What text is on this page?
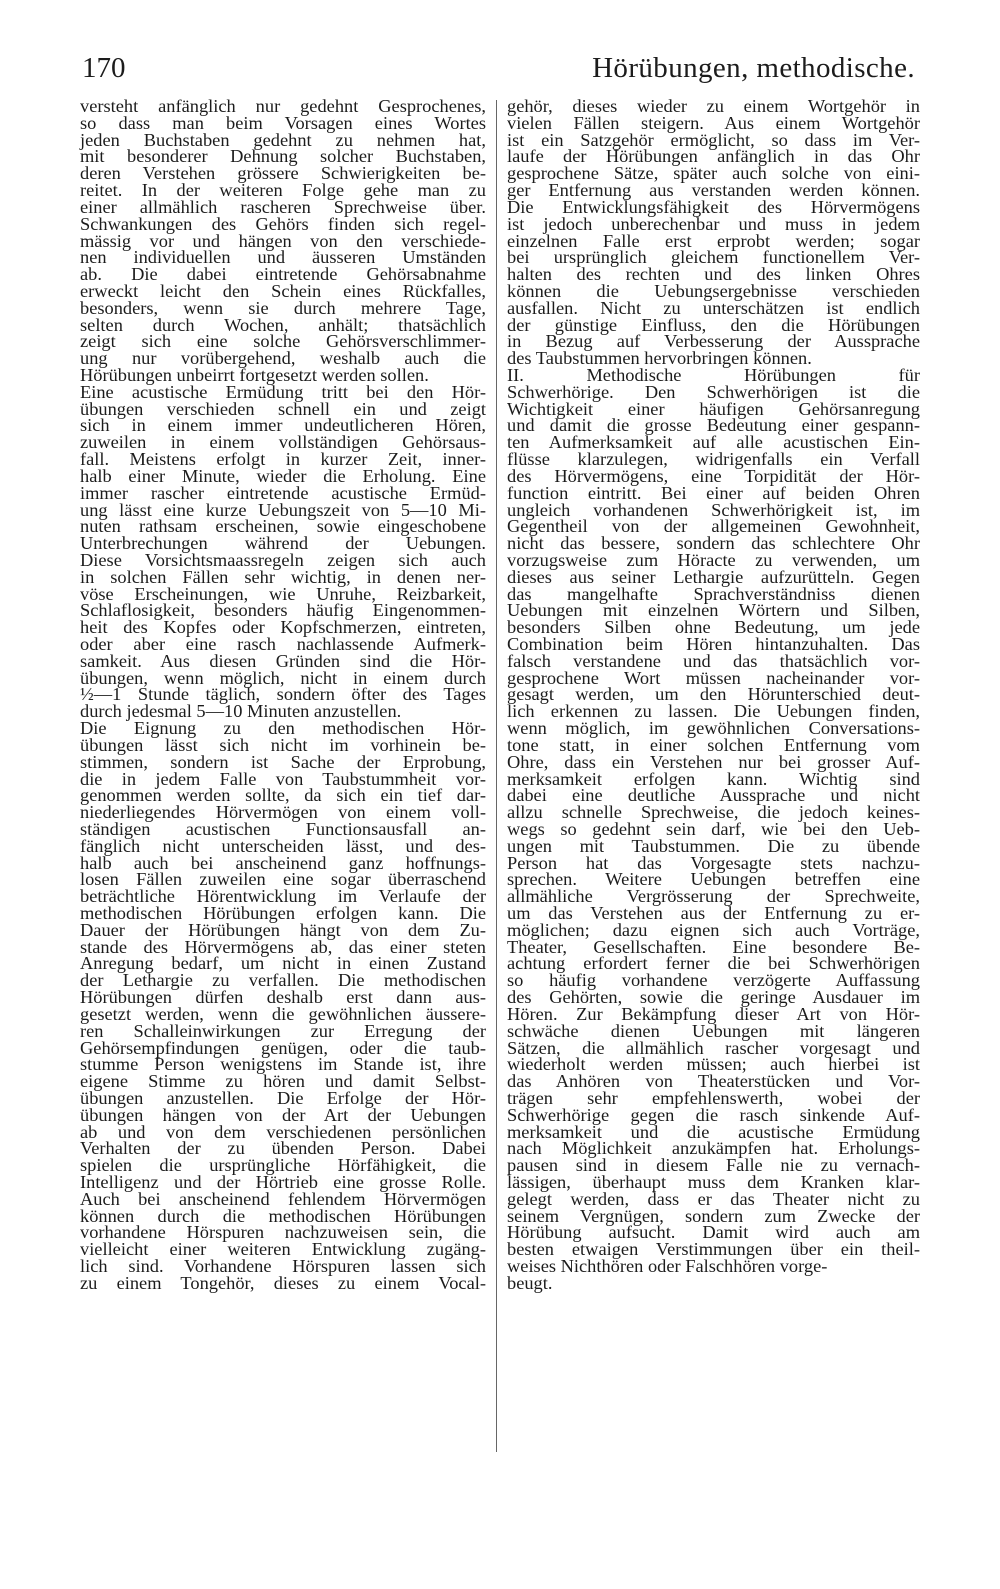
170	Hörübungen, methodische.
versteht anfänglich nur gedehnt Gesprochenes,
so dass man beim Vorsagen eines Wortes
jeden Buchstaben gedehnt zu nehmen hat,
mit besonderer Dehnung solcher Buchstaben,
deren Verstehen grössere Schwierigkeiten be-
reitet. In der weiteren Folge gehe man zu
einer allmählich rascheren Sprechweise über.
Schwankungen des Gehörs finden sich regel-
mässig vor und hängen von den verschiede-
nen individuellen und äusseren Umständen
ab. Die dabei eintretende Gehörsabnahme
erweckt leicht den Schein eines Rückfalles,
besonders, wenn sie durch mehrere Tage,
selten durch Wochen, anhält; thatsächlich
zeigt sich eine solche Gehörsverschlimmer-
ung nur vorübergehend, weshalb auch die
Hörübungen unbeirrt fortgesetzt werden sollen.
Eine acustische Ermüdung tritt bei den Hör-
übungen verschieden schnell ein und zeigt
sich in einem immer undeutlicheren Hören,
zuweilen in einem vollständigen Gehörsaus-
fall. Meistens erfolgt in kurzer Zeit, inner-
halb einer Minute, wieder die Erholung. Eine
immer rascher eintretende acustische Ermüd-
ung lässt eine kurze Uebungszeit von 5—10 Mi-
nuten rathsam erscheinen, sowie eingeschobene
Unterbrechungen während der Uebungen.
Diese Vorsichtsmaassregeln zeigen sich auch
in solchen Fällen sehr wichtig, in denen ner-
vöse Erscheinungen, wie Unruhe, Reizbarkeit,
Schlaflosigkeit, besonders häufig Eingenommen-
heit des Kopfes oder Kopfschmerzen, eintreten,
oder aber eine rasch nachlassende Aufmerk-
samkeit. Aus diesen Gründen sind die Hör-
übungen, wenn möglich, nicht in einem durch
½—1 Stunde täglich, sondern öfter des Tages
durch jedesmal 5—10 Minuten anzustellen.
Die Eignung zu den methodischen Hör-
übungen lässt sich nicht im vorhinein be-
stimmen, sondern ist Sache der Erprobung,
die in jedem Falle von Taubstummheit vor-
genommen werden sollte, da sich ein tief dar-
niederliegendes Hörvermögen von einem voll-
ständigen acustischen Functionsausfall an-
fänglich nicht unterscheiden lässt, und des-
halb auch bei anscheinend ganz hoffnungs-
losen Fällen zuweilen eine sogar überraschend
beträchtliche Hörentwicklung im Verlaufe der
methodischen Hörübungen erfolgen kann. Die
Dauer der Hörübungen hängt von dem Zu-
stande des Hörvermögens ab, das einer steten
Anregung bedarf, um nicht in einen Zustand
der Lethargie zu verfallen. Die methodischen
Hörübungen dürfen deshalb erst dann aus-
gesetzt werden, wenn die gewöhnlichen äussere-
ren Schalleinwirkungen zur Erregung der
Gehörsempfindungen genügen, oder die taub-
stumme Person wenigstens im Stande ist, ihre
eigene Stimme zu hören und damit Selbst-
übungen anzustellen. Die Erfolge der Hör-
übungen hängen von der Art der Uebungen
ab und von dem verschiedenen persönlichen
Verhalten der zu übenden Person. Dabei
spielen die ursprüngliche Hörfähigkeit, die
Intelligenz und der Hörtrieb eine grosse Rolle.
Auch bei anscheinend fehlendem Hörvermögen
können durch die methodischen Hörübungen
vorhandene Hörspuren nachzuweisen sein, die
vielleicht einer weiteren Entwicklung zugäng-
lich sind. Vorhandene Hörspuren lassen sich
zu einem Tongehör, dieses zu einem Vocal-
gehör, dieses wieder zu einem Wortgehör in
vielen Fällen steigern. Aus einem Wortgehör
ist ein Satzgehör ermöglicht, so dass im Ver-
laufe der Hörübungen anfänglich in das Ohr
gesprochene Sätze, später auch solche von eini-
ger Entfernung aus verstanden werden können.
Die Entwicklungsfähigkeit des Hörvermögens
ist jedoch unberechenbar und muss in jedem
einzelnen Falle erst erprobt werden; sogar
bei ursprünglich gleichem functionellem Ver-
halten des rechten und des linken Ohres
können die Uebungsergebnisse verschieden
ausfallen. Nicht zu unterschätzen ist endlich
der günstige Einfluss, den die Hörübungen
in Bezug auf Verbesserung der Aussprache
des Taubstummen hervorbringen können.
II. Methodische Hörübungen für
Schwerhörige. Den Schwerhörigen ist die
Wichtigkeit einer häufigen Gehörsanregung
und damit die grosse Bedeutung einer gespann-
ten Aufmerksamkeit auf alle acustischen Ein-
flüsse klarzulegen, widrigenfalls ein Verfall
des Hörvermögens, eine Torpidität der Hör-
function eintritt. Bei einer auf beiden Ohren
ungleich vorhandenen Schwerhörigkeit ist, im
Gegentheil von der allgemeinen Gewohnheit,
nicht das bessere, sondern das schlechtere Ohr
vorzugsweise zum Höracte zu verwenden, um
dieses aus seiner Lethargie aufzurütteln. Gegen
das mangelhafte Sprachverständniss dienen
Uebungen mit einzelnen Wörtern und Silben,
besonders Silben ohne Bedeutung, um jede
Combination beim Hören hintanzuhalten. Das
falsch verstandene und das thatsächlich vor-
gesprochene Wort müssen nacheinander vor-
gesagt werden, um den Hörunterschied deut-
lich erkennen zu lassen. Die Uebungen finden,
wenn möglich, im gewöhnlichen Conversations-
tone statt, in einer solchen Entfernung vom
Ohre, dass ein Verstehen nur bei grosser Auf-
merksamkeit erfolgen kann. Wichtig sind
dabei eine deutliche Aussprache und nicht
allzu schnelle Sprechweise, die jedoch keines-
wegs so gedehnt sein darf, wie bei den Ueb-
ungen mit Taubstummen. Die zu übende
Person hat das Vorgesagte stets nachzu-
sprechen. Weitere Uebungen betreffen eine
allmähliche Vergrösserung der Sprechweite,
um das Verstehen aus der Entfernung zu er-
möglichen; dazu eignen sich auch Vorträge,
Theater, Gesellschaften. Eine besondere Be-
achtung erfordert ferner die bei Schwerhörigen
so häufig vorhandene verzögerte Auffassung
des Gehörten, sowie die geringe Ausdauer im
Hören. Zur Bekämpfung dieser Art von Hör-
schwäche dienen Uebungen mit längeren
Sätzen, die allmählich rascher vorgesagt und
wiederholt werden müssen; auch hierbei ist
das Anhören von Theaterstücken und Vor-
trägen sehr empfehlenswerth, wobei der
Schwerhörige gegen die rasch sinkende Auf-
merksamkeit und die acustische Ermüdung
nach Möglichkeit anzukämpfen hat. Erholungs-
pausen sind in diesem Falle nie zu vernach-
lässigen, überhaupt muss dem Kranken klar-
gelegt werden, dass er das Theater nicht zu
seinem Vergnügen, sondern zum Zwecke der
Hörübung aufsucht. Damit wird auch am
besten etwaigen Verstimmungen über ein theil-
weises Nichthören oder Falschhören vorge-
beugt.
